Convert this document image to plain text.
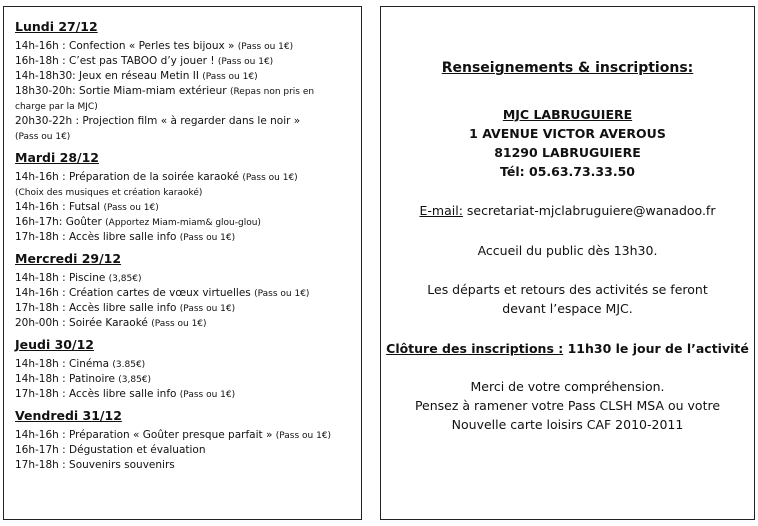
Lundi 27/12
14h-16h : Confection « Perles tes bijoux » (Pass ou 1€)
16h-18h : C’est pas TABOO d’y jouer ! (Pass ou 1€)
14h-18h30: Jeux en réseau Metin II (Pass ou 1€)
18h30-20h: Sortie Miam-miam extérieur (Repas non pris en
charge par la MJC)
20h30-22h : Projection film « à regarder dans le noir »
(Pass ou 1€)
Mardi 28/12
14h-16h : Préparation de la soirée karaoké (Pass ou 1€)
(Choix des musiques et création karaoké)
14h-16h : Futsal (Pass ou 1€)
16h-17h: Goûter (Apportez Miam-miam& glou-glou)
17h-18h : Accès libre salle info (Pass ou 1€)
Mercredi 29/12
14h-18h : Piscine (3,85€)
14h-16h : Création cartes de vœux virtuelles (Pass ou 1€)
17h-18h : Accès libre salle info (Pass ou 1€)
20h-00h : Soirée Karaoké (Pass ou 1€)
Jeudi 30/12
14h-18h : Cinéma (3.85€)
14h-18h : Patinoire (3,85€)
17h-18h : Accès libre salle info (Pass ou 1€)
Vendredi 31/12
14h-16h : Préparation « Goûter presque parfait » (Pass ou 1€)
16h-17h : Dégustation et évaluation
17h-18h : Souvenirs souvenirs
Renseignements & inscriptions:
MJC LABRUGUIERE
1 AVENUE VICTOR AVEROUS
81290 LABRUGUIERE
Tél: 05.63.73.33.50
E-mail: secretariat-mjclabruguiere@wanadoo.fr
Accueil du public dès 13h30.
Les départs et retours des activités se feront
devant l’espace MJC.
Clôture des inscriptions : 11h30 le jour de l’activité
Merci de votre compréhension.
Pensez à ramener votre Pass CLSH MSA ou votre
Nouvelle carte loisirs CAF 2010-2011
